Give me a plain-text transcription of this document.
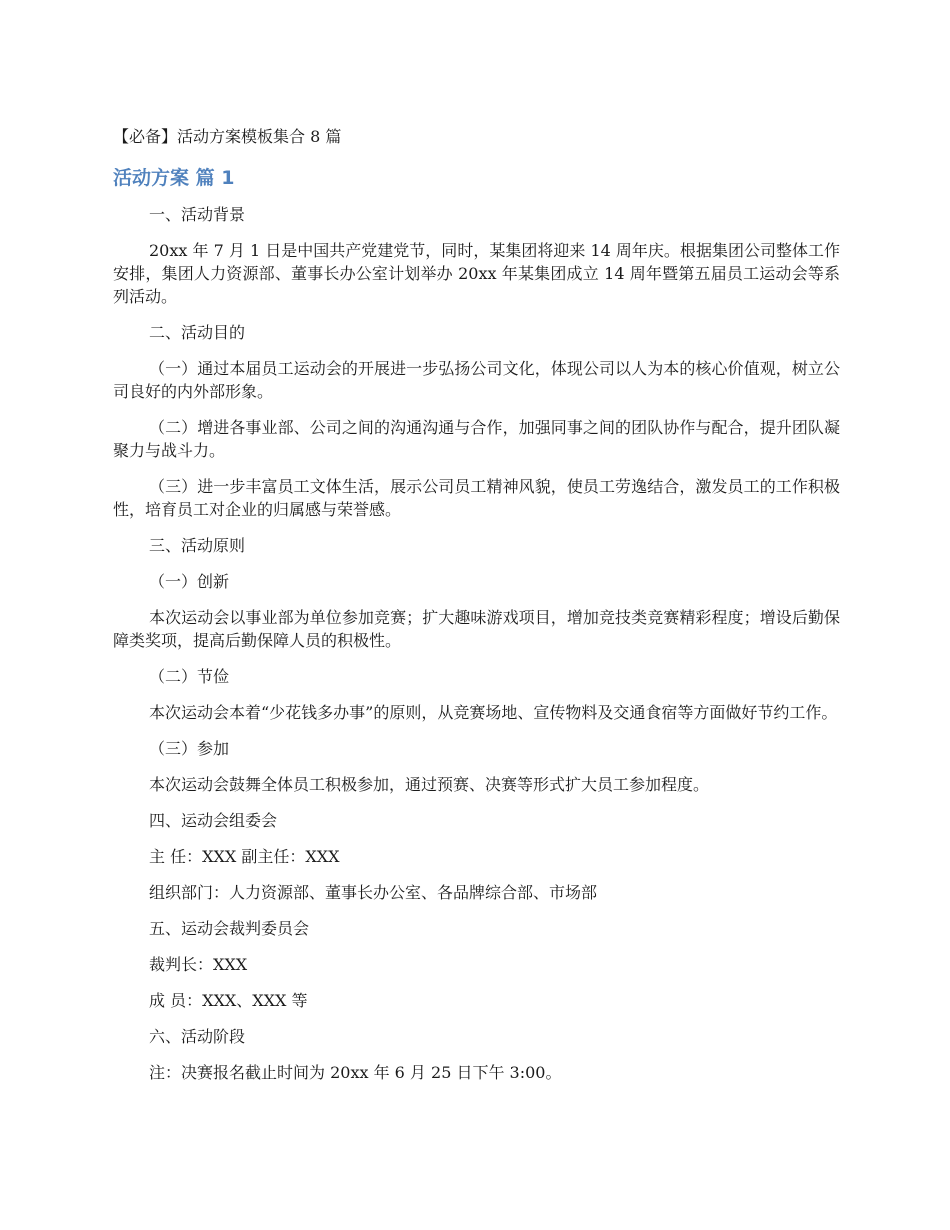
【必备】活动方案模板集合 8 篇
活动方案 篇 1

一、活动背景

20xx 年 7 月 1 日是中国共产党建党节，同时，某集团将迎来 14 周年庆。根据集团公司整体工作安排，集团人力资源部、董事长办公室计划举办 20xx 年某集团成立 14 周年暨第五届员工运动会等系列活动。

二、活动目的

（一）通过本届员工运动会的开展进一步弘扬公司文化，体现公司以人为本的核心价值观，树立公司良好的内外部形象。

（二）增进各事业部、公司之间的沟通沟通与合作，加强同事之间的团队协作与配合，提升团队凝聚力与战斗力。

（三）进一步丰富员工文体生活，展示公司员工精神风貌，使员工劳逸结合，激发员工的工作积极性，培育员工对企业的归属感与荣誉感。

三、活动原则

（一）创新

本次运动会以事业部为单位参加竞赛；扩大趣味游戏项目，增加竞技类竞赛精彩程度；增设后勤保障类奖项，提高后勤保障人员的积极性。

（二）节俭

本次运动会本着“少花钱多办事”的原则，从竞赛场地、宣传物料及交通食宿等方面做好节约工作。

（三）参加

本次运动会鼓舞全体员工积极参加，通过预赛、决赛等形式扩大员工参加程度。

四、运动会组委会

主 任：XXX 副主任：XXX

组织部门：人力资源部、董事长办公室、各品牌综合部、市场部

五、运动会裁判委员会

裁判长：XXX

成 员：XXX、XXX 等

六、活动阶段

注：决赛报名截止时间为 20xx 年 6 月 25 日下午 3:00。
